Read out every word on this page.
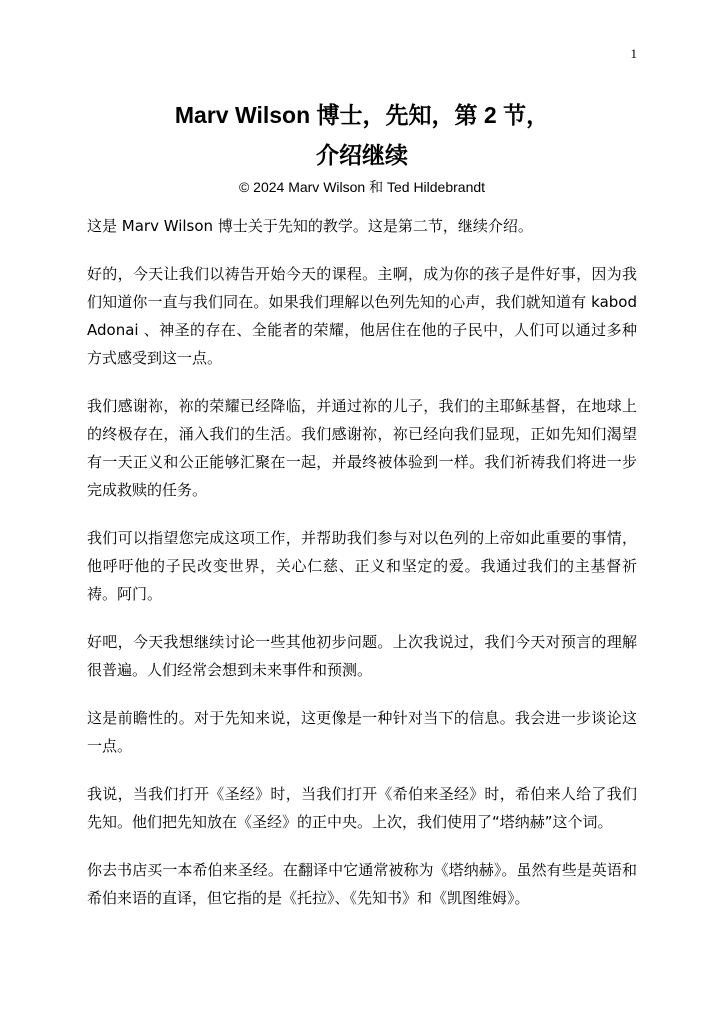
1

Marv Wilson 博士，先知，第 2 节，

介绍继续

© 2024 Marv Wilson 和 Ted Hildebrandt

这是 Marv Wilson 博士关于先知的教学。这是第二节，继续介绍。

好的，今天让我们以祷告开始今天的课程。主啊，成为你的孩子是件好事，因为我们知道你一直与我们同在。如果我们理解以色列先知的心声，我们就知道有 kabod Adonai 、神圣的存在、全能者的荣耀，他居住在他的子民中，人们可以通过多种方式感受到这一点。

我们感谢祢，祢的荣耀已经降临，并通过祢的儿子，我们的主耶稣基督，在地球上的终极存在，涌入我们的生活。我们感谢祢，祢已经向我们显现，正如先知们渴望有一天正义和公正能够汇聚在一起，并最终被体验到一样。我们祈祷我们将进一步完成救赎的任务。

我们可以指望您完成这项工作，并帮助我们参与对以色列的上帝如此重要的事情，他呼吁他的子民改变世界，关心仁慈、正义和坚定的爱。我通过我们的主基督祈祷。阿门。

好吧，今天我想继续讨论一些其他初步问题。上次我说过，我们今天对预言的理解很普遍。人们经常会想到未来事件和预测。

这是前瞻性的。对于先知来说，这更像是一种针对当下的信息。我会进一步谈论这一点。

我说，当我们打开《圣经》时，当我们打开《希伯来圣经》时，希伯来人给了我们先知。他们把先知放在《圣经》的正中央。上次，我们使用了“塔纳赫”这个词。

你去书店买一本希伯来圣经。在翻译中它通常被称为《塔纳赫》。虽然有些是英语和希伯来语的直译，但它指的是《托拉》、《先知书》和《凯图维姆》。
